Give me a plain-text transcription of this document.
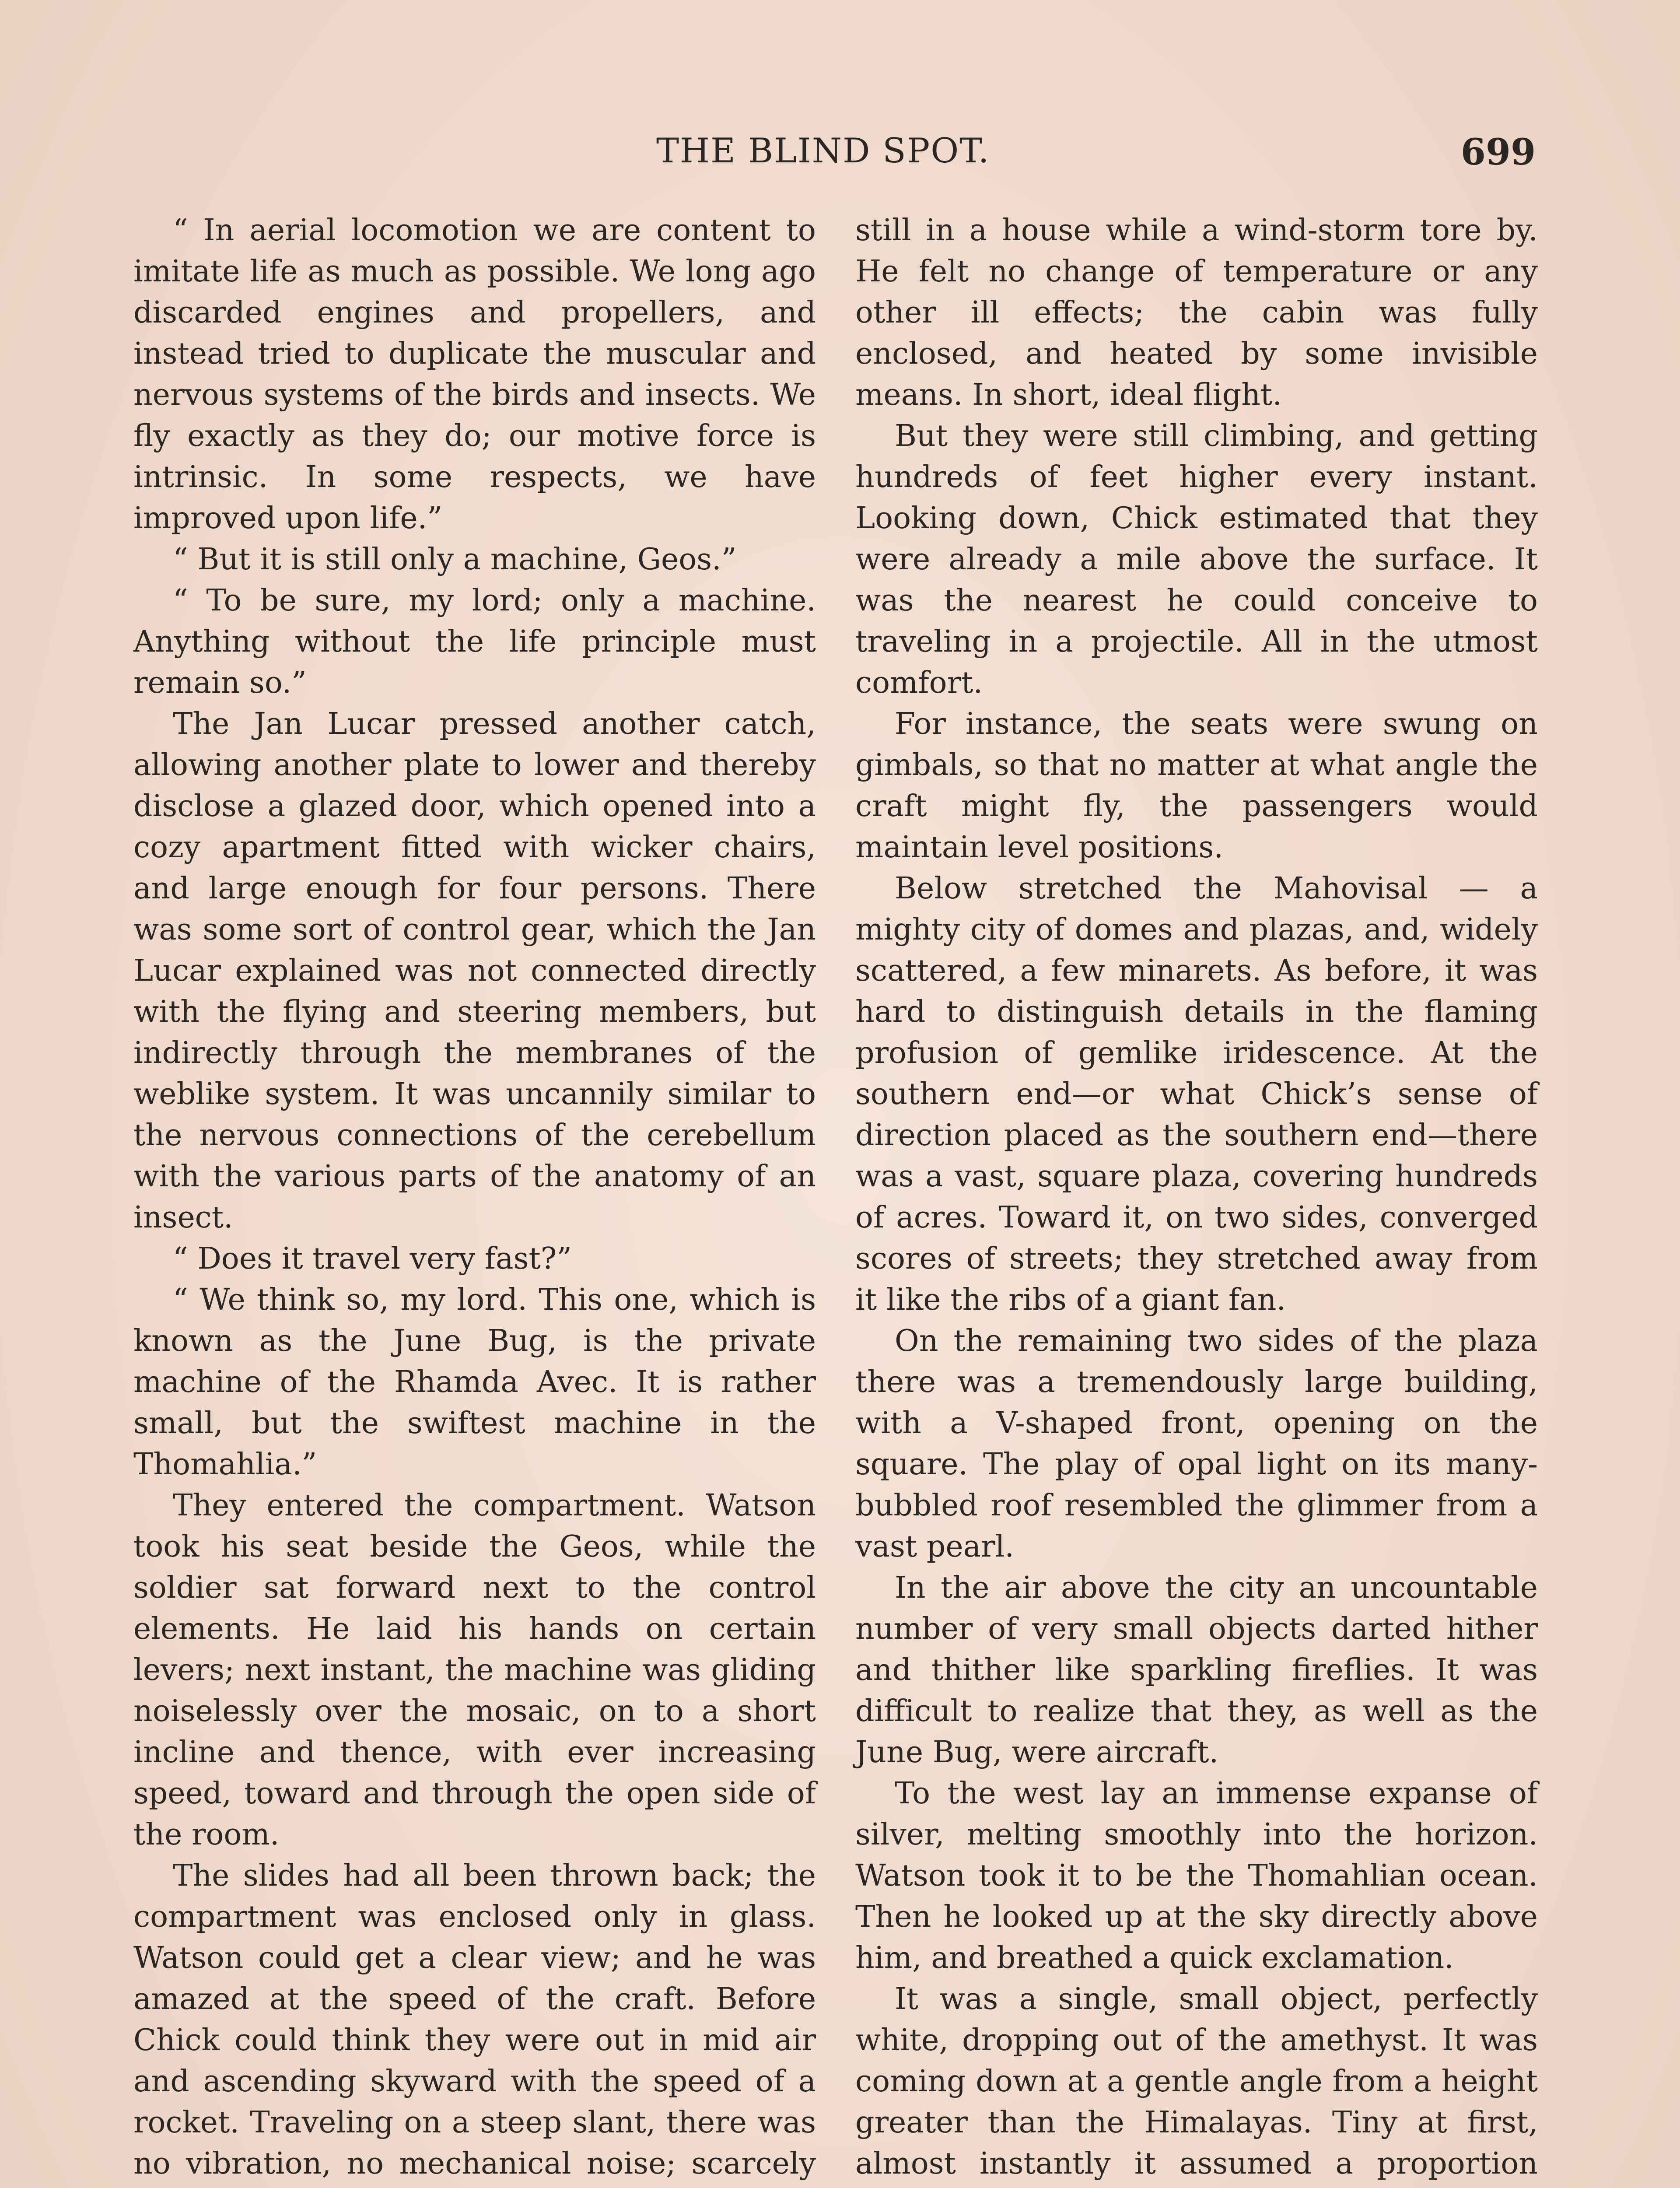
THE BLIND SPOT.	699

“ In aerial locomotion we are content to imitate life as much as possible. We long ago discarded engines and propellers, and instead tried to duplicate the muscular and nervous systems of the birds and insects. We fly exactly as they do; our motive force is intrinsic. In some respects, we have improved upon life.”

“ But it is still only a machine, Geos.”

“ To be sure, my lord; only a machine. Anything without the life principle must remain so.”

The Jan Lucar pressed another catch, allowing another plate to lower and thereby disclose a glazed door, which opened into a cozy apartment fitted with wicker chairs, and large enough for four persons. There was some sort of control gear, which the Jan Lucar explained was not connected directly with the flying and steering members, but indirectly through the membranes of the weblike system. It was uncannily similar to the nervous connections of the cerebellum with the various parts of the anatomy of an insect.

“ Does it travel very fast?”

“ We think so, my lord. This one, which is known as the June Bug, is the private machine of the Rhamda Avec. It is rather small, but the swiftest machine in the Thomahlia.”

They entered the compartment. Watson took his seat beside the Geos, while the soldier sat forward next to the control elements. He laid his hands on certain levers; next instant, the machine was gliding noiselessly over the mosaic, on to a short incline and thence, with ever increasing speed, toward and through the open side of the room.

The slides had all been thrown back; the compartment was enclosed only in glass. Watson could get a clear view; and he was amazed at the speed of the craft. Before Chick could think they were out in mid air and ascending skyward with the speed of a rocket. Traveling on a steep slant, there was no vibration, no mechanical noise; scarcely

still in a house while a wind-storm tore by. He felt no change of temperature or any other ill effects; the cabin was fully enclosed, and heated by some invisible means. In short, ideal flight.

But they were still climbing, and getting hundreds of feet higher every instant. Looking down, Chick estimated that they were already a mile above the surface. It was the nearest he could conceive to traveling in a projectile. All in the utmost comfort.

For instance, the seats were swung on gimbals, so that no matter at what angle the craft might fly, the passengers would maintain level positions.

Below stretched the Mahovisal — a mighty city of domes and plazas, and, widely scattered, a few minarets. As before, it was hard to distinguish details in the flaming profusion of gemlike iridescence. At the southern end—or what Chick’s sense of direction placed as the southern end—there was a vast, square plaza, covering hundreds of acres. Toward it, on two sides, converged scores of streets; they stretched away from it like the ribs of a giant fan.

On the remaining two sides of the plaza there was a tremendously large building, with a V-shaped front, opening on the square. The play of opal light on its many-bubbled roof resembled the glimmer from a vast pearl.

In the air above the city an uncountable number of very small objects darted hither and thither like sparkling fireflies. It was difficult to realize that they, as well as the June Bug, were aircraft.

To the west lay an immense expanse of silver, melting smoothly into the horizon. Watson took it to be the Thomahlian ocean. Then he looked up at the sky directly above him, and breathed a quick exclamation.

It was a single, small object, perfectly white, dropping out of the amethyst. It was coming down at a gentle angle from a height greater than the Himalayas. Tiny at first, almost instantly it assumed a proportion
